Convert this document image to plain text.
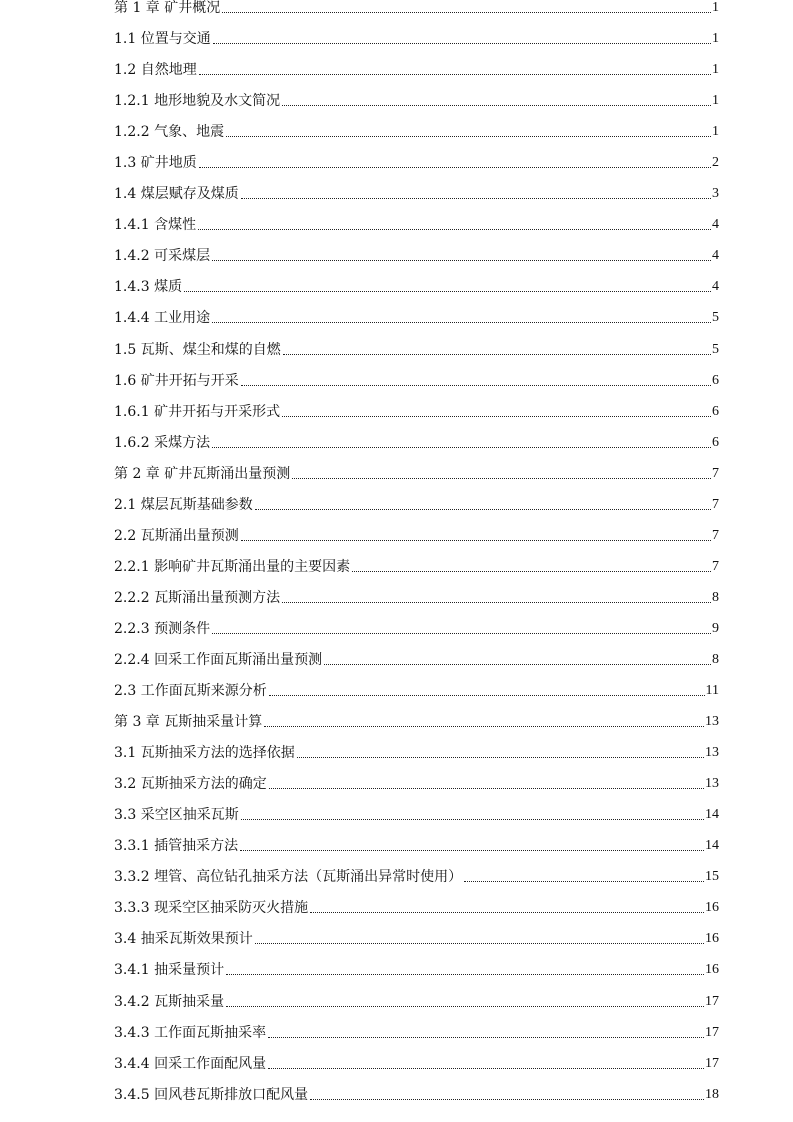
第 1 章 矿井概况	1
1.1 位置与交通	1
1.2 自然地理	1
1.2.1 地形地貌及水文简况	1
1.2.2 气象、地震	1
1.3 矿井地质	2
1.4 煤层赋存及煤质	3
1.4.1 含煤性	4
1.4.2 可采煤层	4
1.4.3 煤质	4
1.4.4 工业用途	5
1.5 瓦斯、煤尘和煤的自燃	5
1.6 矿井开拓与开采	6
1.6.1 矿井开拓与开采形式	6
1.6.2 采煤方法	6
第 2 章 矿井瓦斯涌出量预测	7
2.1 煤层瓦斯基础参数	7
2.2 瓦斯涌出量预测	7
2.2.1 影响矿井瓦斯涌出量的主要因素	7
2.2.2 瓦斯涌出量预测方法	8
2.2.3 预测条件	9
2.2.4 回采工作面瓦斯涌出量预测	8
2.3 工作面瓦斯来源分析	11
第 3 章 瓦斯抽采量计算	13
3.1 瓦斯抽采方法的选择依据	13
3.2 瓦斯抽采方法的确定	13
3.3 采空区抽采瓦斯	14
3.3.1 插管抽采方法	14
3.3.2 埋管、高位钻孔抽采方法（瓦斯涌出异常时使用）	15
3.3.3 现采空区抽采防灭火措施	16
3.4 抽采瓦斯效果预计	16
3.4.1 抽采量预计	16
3.4.2 瓦斯抽采量	17
3.4.3 工作面瓦斯抽采率	17
3.4.4 回采工作面配风量	17
3.4.5 回风巷瓦斯排放口配风量	18
